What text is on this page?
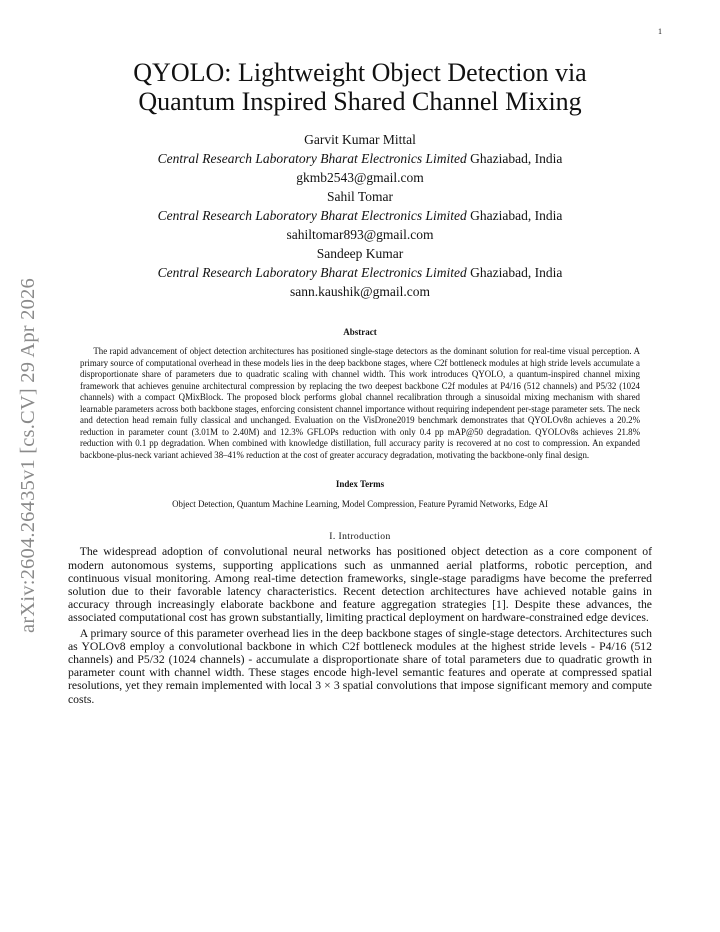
1
arXiv:2604.26435v1 [cs.CV] 29 Apr 2026
QYOLO: Lightweight Object Detection via
Quantum Inspired Shared Channel Mixing
Garvit Kumar Mittal
Central Research Laboratory Bharat Electronics Limited Ghaziabad, India
gkmb2543@gmail.com
Sahil Tomar
Central Research Laboratory Bharat Electronics Limited Ghaziabad, India
sahiltomar893@gmail.com
Sandeep Kumar
Central Research Laboratory Bharat Electronics Limited Ghaziabad, India
sann.kaushik@gmail.com
Abstract

The rapid advancement of object detection architectures has positioned single-stage detectors as the dominant solution for real-time visual perception. A primary source of computational overhead in these models lies in the deep backbone stages, where C2f bottleneck modules at high stride levels accumulate a disproportionate share of parameters due to quadratic scaling with channel width. This work introduces QYOLO, a quantum-inspired channel mixing framework that achieves genuine architectural compression by replacing the two deepest backbone C2f modules at P4/16 (512 channels) and P5/32 (1024 channels) with a compact QMixBlock. The proposed block performs global channel recalibration through a sinusoidal mixing mechanism with shared learnable parameters across both backbone stages, enforcing consistent channel importance without requiring independent per-stage parameter sets. The neck and detection head remain fully classical and unchanged. Evaluation on the VisDrone2019 benchmark demonstrates that QYOLOv8n achieves a 20.2% reduction in parameter count (3.01M to 2.40M) and 12.3% GFLOPs reduction with only 0.4 pp mAP@50 degradation. QYOLOv8s achieves 21.8% reduction with 0.1 pp degradation. When combined with knowledge distillation, full accuracy parity is recovered at no cost to compression. An expanded backbone-plus-neck variant achieved 38–41% reduction at the cost of greater accuracy degradation, motivating the backbone-only final design.

Index Terms
Object Detection, Quantum Machine Learning, Model Compression, Feature Pyramid Networks, Edge AI
I. Introduction

The widespread adoption of convolutional neural networks has positioned object detection as a core component of modern autonomous systems, supporting applications such as unmanned aerial platforms, robotic perception, and continuous visual monitoring. Among real-time detection frameworks, single-stage paradigms have become the preferred solution due to their favorable latency characteristics. Recent detection architectures have achieved notable gains in accuracy through increasingly elaborate backbone and feature aggregation strategies [1]. Despite these advances, the associated computational cost has grown substantially, limiting practical deployment on hardware-constrained edge devices.

A primary source of this parameter overhead lies in the deep backbone stages of single-stage detectors. Architectures such as YOLOv8 employ a convolutional backbone in which C2f bottleneck modules at the highest stride levels - P4/16 (512 channels) and P5/32 (1024 channels) - accumulate a disproportionate share of total parameters due to quadratic growth in parameter count with channel width. These stages encode high-level semantic features and operate at compressed spatial resolutions, yet they remain implemented with local 3 × 3 spatial convolutions that impose significant memory and compute costs.
